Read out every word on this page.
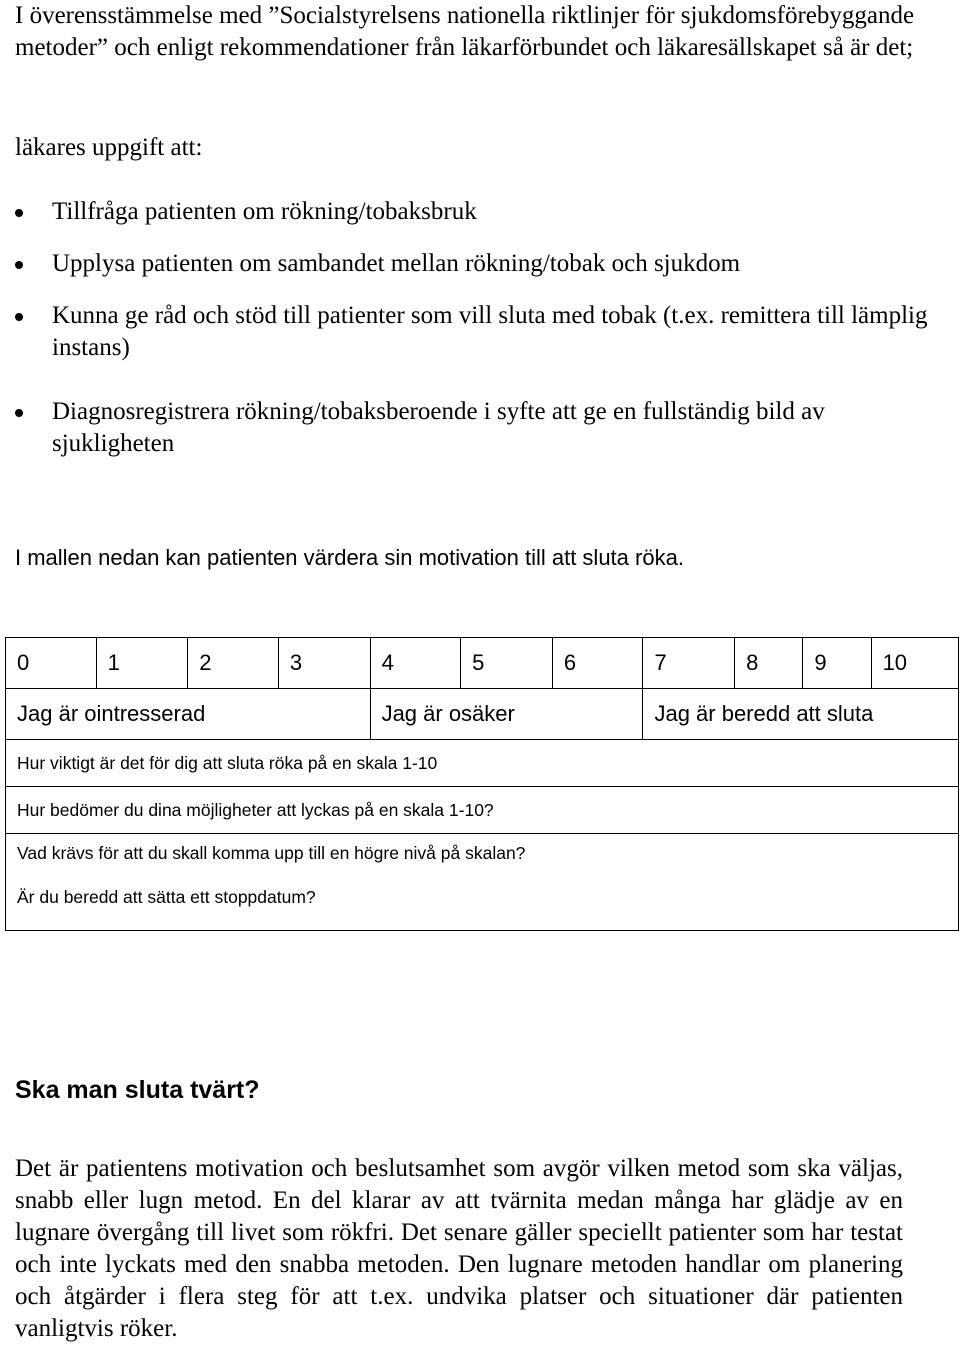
I överensstämmelse med ”Socialstyrelsens nationella riktlinjer för sjukdomsförebyggande metoder” och enligt rekommendationer från läkarförbundet och läkaresällskapet så är det;

läkares uppgift att:

Tillfråga patienten om rökning/tobaksbruk
Upplysa patienten om sambandet mellan rökning/tobak och sjukdom
Kunna ge råd och stöd till patienter som vill sluta med tobak (t.ex. remittera till lämplig instans)
Diagnosregistrera rökning/tobaksberoende i syfte att ge en fullständig bild av sjukligheten

I mallen nedan kan patienten värdera sin motivation till att sluta röka.

0	1	2	3	4	5	6	7	8	9	10
Jag är ointresserad				Jag är osäker			Jag är beredd att sluta			
Hur viktigt är det för dig att sluta röka på en skala 1-10										
Hur bedömer du dina möjligheter att lyckas på en skala 1-10?										

Vad krävs för att du skall komma upp till en högre nivå på skalan?
Är du beredd att sätta ett stoppdatum?										
Ska man sluta tvärt?

Det är patientens motivation och beslutsamhet som avgör vilken metod som ska väljas, snabb eller lugn metod. En del klarar av att tvärnita medan många har glädje av en lugnare övergång till livet som rökfri. Det senare gäller speciellt patienter som har testat och inte lyckats med den snabba metoden. Den lugnare metoden handlar om planering och åtgärder i flera steg för att t.ex. undvika platser och situationer där patienten vanligtvis röker.
